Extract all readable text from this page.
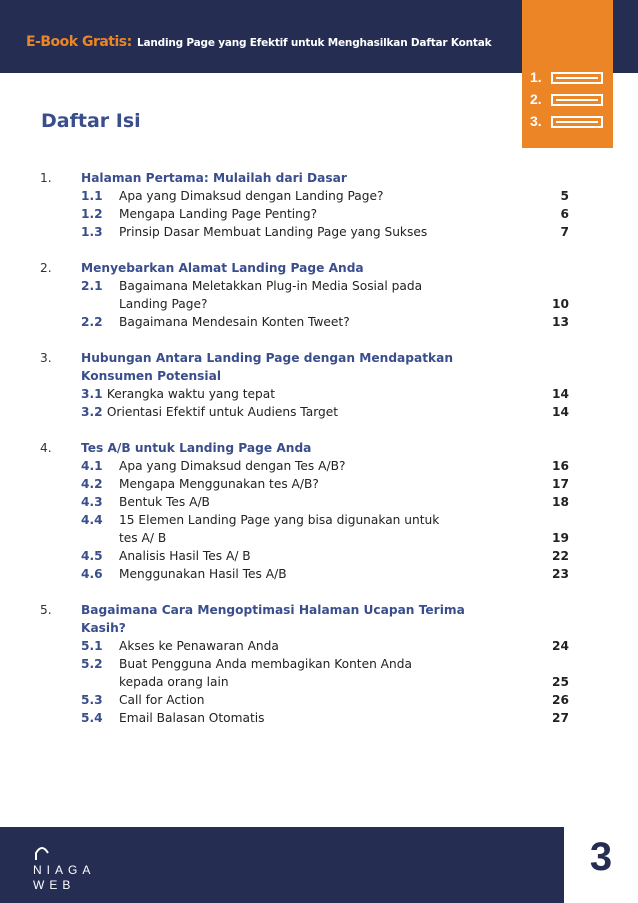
E-Book Gratis: Landing Page yang Efektif untuk Menghasilkan Daftar Kontak
1.
2.
3.
Daftar Isi
1. Halaman Pertama: Mulailah dari Dasar
1.1 Apa yang Dimaksud dengan Landing Page?	5
1.2 Mengapa Landing Page Penting?	6
1.3 Prinsip Dasar Membuat Landing Page yang Sukses	7
2. Menyebarkan Alamat Landing Page Anda
2.1 Bagaimana Meletakkan Plug-in Media Sosial pada
Landing Page?	10
2.2 Bagaimana Mendesain Konten Tweet?	13
3. Hubungan Antara Landing Page dengan Mendapatkan
Konsumen Potensial
3.1 Kerangka waktu yang tepat	14
3.2 Orientasi Efektif untuk Audiens Target	14
4. Tes A/B untuk Landing Page Anda
4.1 Apa yang Dimaksud dengan Tes A/B?	16
4.2 Mengapa Menggunakan tes A/B?	17
4.3 Bentuk Tes A/B	18
4.4 15 Elemen Landing Page yang bisa digunakan untuk
tes A/ B	19
4.5 Analisis Hasil Tes A/ B	22
4.6 Menggunakan Hasil Tes A/B	23
5. Bagaimana Cara Mengoptimasi Halaman Ucapan Terima
Kasih?
5.1 Akses ke Penawaran Anda	24
5.2 Buat Pengguna Anda membagikan Konten Anda
kepada orang lain	25
5.3 Call for Action	26
5.4 Email Balasan Otomatis	27
NIAGA
WEB
3
